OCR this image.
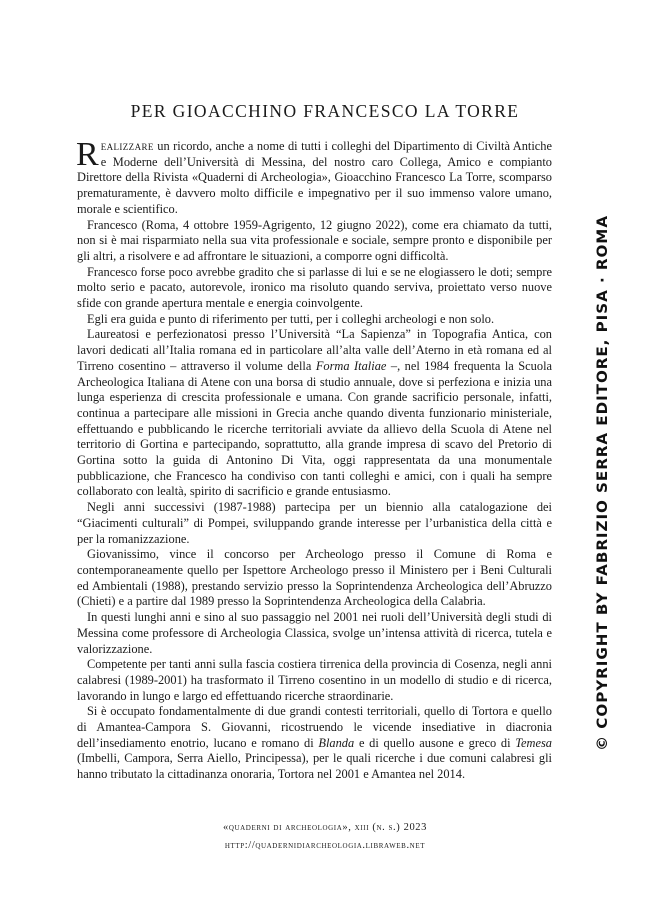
PER GIOACCHINO FRANCESCO LA TORRE

Realizzare un ricordo, anche a nome di tutti i colleghi del Dipartimento di Civiltà Antiche e Moderne dell’Università di Messina, del nostro caro Collega, Amico e compianto Direttore della Rivista «Quaderni di Archeologia», Gioacchino Francesco La Torre, scomparso prematuramente, è davvero molto difficile e impegnativo per il suo immenso valore umano, morale e scientifico.

Francesco (Roma, 4 ottobre 1959-Agrigento, 12 giugno 2022), come era chiamato da tutti, non si è mai risparmiato nella sua vita professionale e sociale, sempre pronto e disponibile per gli altri, a risolvere e ad affrontare le situazioni, a comporre ogni difficoltà.

Francesco forse poco avrebbe gradito che si parlasse di lui e se ne elogiassero le doti; sempre molto serio e pacato, autorevole, ironico ma risoluto quando serviva, proiettato verso nuove sfide con grande apertura mentale e energia coinvolgente.

Egli era guida e punto di riferimento per tutti, per i colleghi archeologi e non solo.

Laureatosi e perfezionatosi presso l’Università “La Sapienza” in Topografia Antica, con lavori dedicati all’Italia romana ed in particolare all’alta valle dell’Aterno in età romana ed al Tirreno cosentino – attraverso il volume della Forma Italiae –, nel 1984 frequenta la Scuola Archeologica Italiana di Atene con una borsa di studio annuale, dove si perfeziona e inizia una lunga esperienza di crescita professionale e umana. Con grande sacrificio personale, infatti, continua a partecipare alle missioni in Grecia anche quando diventa funzionario ministeriale, effettuando e pubblicando le ricerche territoriali avviate da allievo della Scuola di Atene nel territorio di Gortina e partecipando, soprattutto, alla grande impresa di scavo del Pretorio di Gortina sotto la guida di Antonino Di Vita, oggi rappresentata da una monumentale pubblicazione, che Francesco ha condiviso con tanti colleghi e amici, con i quali ha sempre collaborato con lealtà, spirito di sacrificio e grande entusiasmo.

Negli anni successivi (1987-1988) partecipa per un biennio alla catalogazione dei “Giacimenti culturali” di Pompei, sviluppando grande interesse per l’urbanistica della città e per la romanizzazione.

Giovanissimo, vince il concorso per Archeologo presso il Comune di Roma e contemporaneamente quello per Ispettore Archeologo presso il Ministero per i Beni Culturali ed Ambientali (1988), prestando servizio presso la Soprintendenza Archeologica dell’Abruzzo (Chieti) e a partire dal 1989 presso la Soprintendenza Archeologica della Calabria.

In questi lunghi anni e sino al suo passaggio nel 2001 nei ruoli dell’Università degli studi di Messina come professore di Archeologia Classica, svolge un’intensa attività di ricerca, tutela e valorizzazione.

Competente per tanti anni sulla fascia costiera tirrenica della provincia di Cosenza, negli anni calabresi (1989-2001) ha trasformato il Tirreno cosentino in un modello di studio e di ricerca, lavorando in lungo e largo ed effettuando ricerche straordinarie.

Si è occupato fondamentalmente di due grandi contesti territoriali, quello di Tortora e quello di Amantea-Campora S. Giovanni, ricostruendo le vicende insediative in diacronia dell’insediamento enotrio, lucano e romano di Blanda e di quello ausone e greco di Temesa (Imbelli, Campora, Serra Aiello, Principessa), per le quali ricerche i due comuni calabresi gli hanno tributato la cittadinanza onoraria, Tortora nel 2001 e Amantea nel 2014.

«quaderni di archeologia», xiii (n. s.) 2023
http://quadernidiarcheologia.libraweb.net
© COPYRIGHT BY FABRIZIO SERRA EDITORE, PISA · ROMA
